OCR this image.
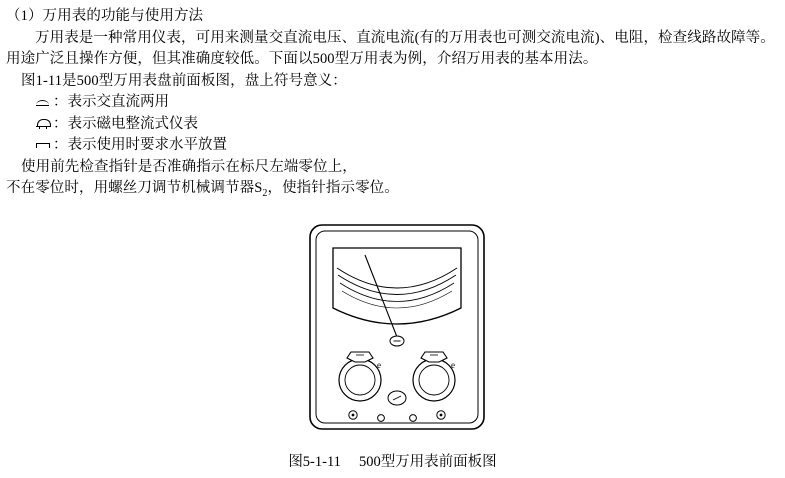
（1）万用表的功能与使用方法

万用表是一种常用仪表，可用来测量交直流电压、直流电流(有的万用表也可测交流电流)、电阻，检查线路故障等。

用途广泛且操作方便，但其准确度较低。下面以500型万用表为例，介绍万用表的基本用法。

图1-11是500型万用表盘前面板图，盘上符号意义：

：表示交直流两用
：表示磁电整流式仪表
：表示使用时要求水平放置

使用前先检查指针是否准确指示在标尺左端零位上，

不在零位时，用螺丝刀调节机械调节器$S_2$，使指针指示零位。

e	e
图5-1-11 500型万用表前面板图
